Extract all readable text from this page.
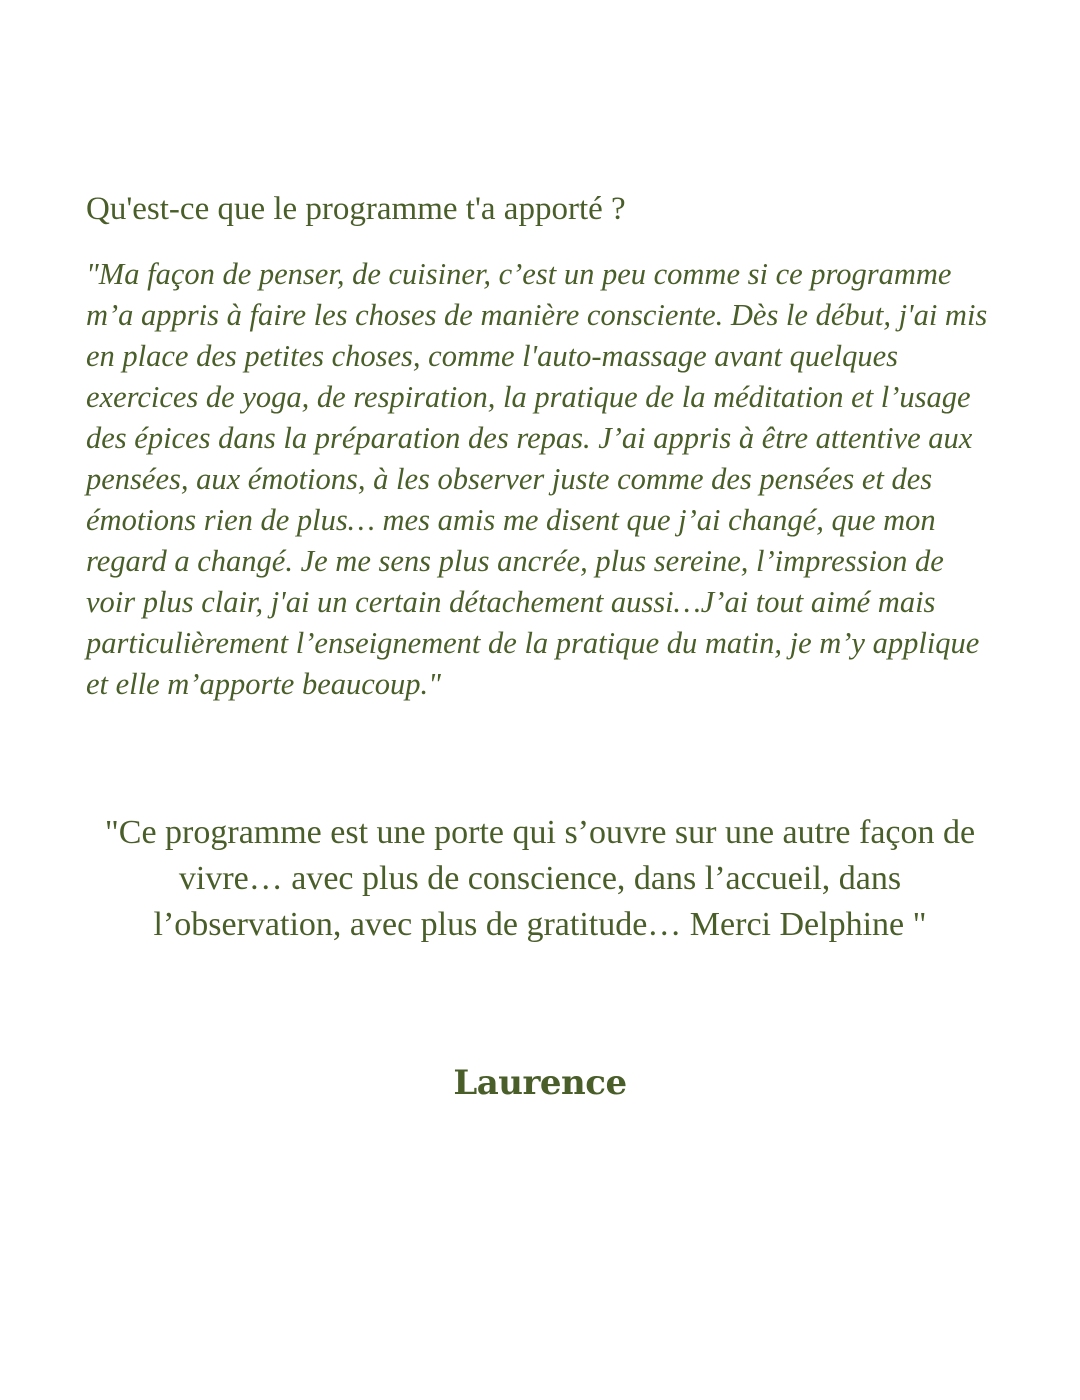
Qu'est-ce que le programme t'a apporté ?

"Ma façon de penser, de cuisiner, c’est un peu comme si ce programme m’a appris à faire les choses de manière consciente. Dès le début, j'ai mis en place des petites choses, comme l'auto-massage avant quelques exercices de yoga, de respiration, la pratique de la méditation et l’usage des épices dans la préparation des repas. J’ai appris à être attentive aux pensées, aux émotions, à les observer juste comme des pensées et des émotions rien de plus… mes amis me disent que j’ai changé, que mon regard a changé. Je me sens plus ancrée, plus sereine, l’impression de voir plus clair, j'ai un certain détachement aussi…J’ai tout aimé mais particulièrement l’enseignement de la pratique du matin, je m’y applique et elle m’apporte beaucoup."

"Ce programme est une porte qui s’ouvre sur une autre façon de vivre… avec plus de conscience, dans l’accueil, dans l’observation, avec plus de gratitude… Merci Delphine "

Laurence
